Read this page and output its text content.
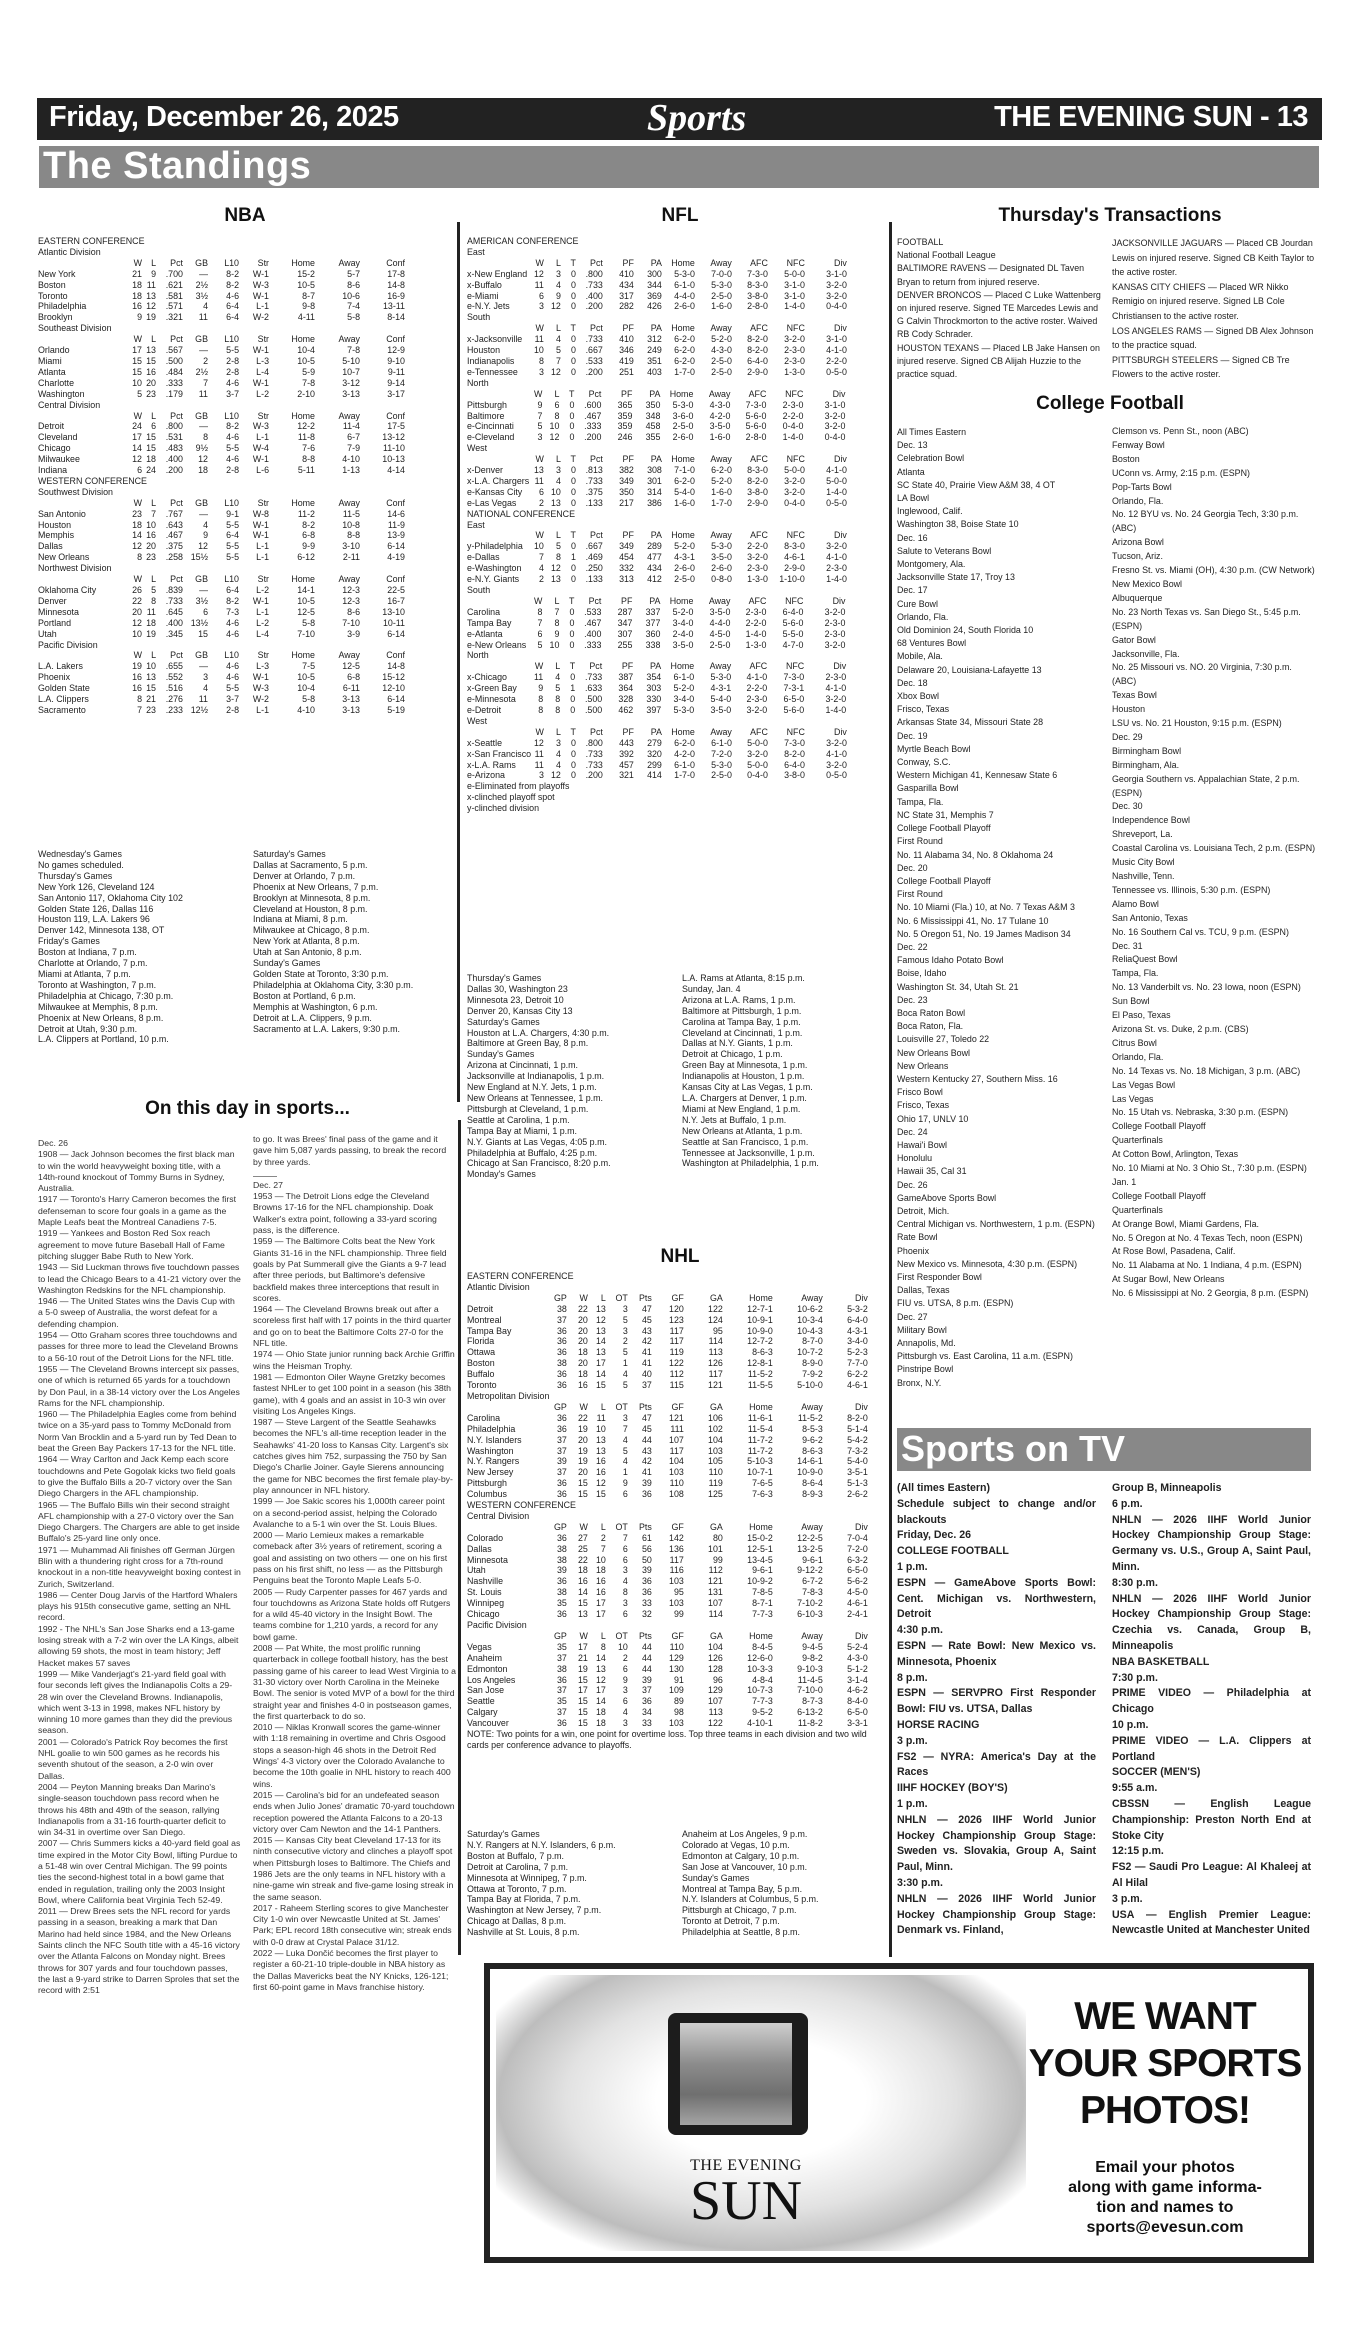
Friday, December 26, 2025	Sports	THE EVENING SUN - 13
The Standings
NBA
EASTERN CONFERENCE
Atlantic Division
	W	L	Pct	GB	L10	Str	Home	Away	Conf
New York	21	9	.700	—	8-2	W-1	15-2	5-7	17-8
Boston	18	11	.621	2½	8-2	W-3	10-5	8-6	14-8
Toronto	18	13	.581	3½	4-6	W-1	8-7	10-6	16-9
Philadelphia	16	12	.571	4	6-4	L-1	9-8	7-4	13-11
Brooklyn	9	19	.321	11	6-4	W-2	4-11	5-8	8-14
Southeast Division
	W	L	Pct	GB	L10	Str	Home	Away	Conf
Orlando	17	13	.567	—	5-5	W-1	10-4	7-8	12-9
Miami	15	15	.500	2	2-8	L-3	10-5	5-10	9-10
Atlanta	15	16	.484	2½	2-8	L-4	5-9	10-7	9-11
Charlotte	10	20	.333	7	4-6	W-1	7-8	3-12	9-14
Washington	5	23	.179	11	3-7	L-2	2-10	3-13	3-17
Central Division
	W	L	Pct	GB	L10	Str	Home	Away	Conf
Detroit	24	6	.800	—	8-2	W-3	12-2	11-4	17-5
Cleveland	17	15	.531	8	4-6	L-1	11-8	6-7	13-12
Chicago	14	15	.483	9½	5-5	W-4	7-6	7-9	11-10
Milwaukee	12	18	.400	12	4-6	W-1	8-8	4-10	10-13
Indiana	6	24	.200	18	2-8	L-6	5-11	1-13	4-14
WESTERN CONFERENCE
Southwest Division
	W	L	Pct	GB	L10	Str	Home	Away	Conf
San Antonio	23	7	.767	—	9-1	W-8	11-2	11-5	14-6
Houston	18	10	.643	4	5-5	W-1	8-2	10-8	11-9
Memphis	14	16	.467	9	6-4	W-1	6-8	8-8	13-9
Dallas	12	20	.375	12	5-5	L-1	9-9	3-10	6-14
New Orleans	8	23	.258	15½	5-5	L-1	6-12	2-11	4-19
Northwest Division
	W	L	Pct	GB	L10	Str	Home	Away	Conf
Oklahoma City	26	5	.839	—	6-4	L-2	14-1	12-3	22-5
Denver	22	8	.733	3½	8-2	W-1	10-5	12-3	16-7
Minnesota	20	11	.645	6	7-3	L-1	12-5	8-6	13-10
Portland	12	18	.400	13½	4-6	L-2	5-8	7-10	10-11
Utah	10	19	.345	15	4-6	L-4	7-10	3-9	6-14
Pacific Division
	W	L	Pct	GB	L10	Str	Home	Away	Conf
L.A. Lakers	19	10	.655	—	4-6	L-3	7-5	12-5	14-8
Phoenix	16	13	.552	3	4-6	W-1	10-5	6-8	15-12
Golden State	16	15	.516	4	5-5	W-3	10-4	6-11	12-10
L.A. Clippers	8	21	.276	11	3-7	W-2	5-8	3-13	6-14
Sacramento	7	23	.233	12½	2-8	L-1	4-10	3-13	5-19
Wednesday's Games
No games scheduled.
Thursday's Games
New York 126, Cleveland 124
San Antonio 117, Oklahoma City 102
Golden State 126, Dallas 116
Houston 119, L.A. Lakers 96
Denver 142, Minnesota 138, OT
Friday's Games
Boston at Indiana, 7 p.m.
Charlotte at Orlando, 7 p.m.
Miami at Atlanta, 7 p.m.
Toronto at Washington, 7 p.m.
Philadelphia at Chicago, 7:30 p.m.
Milwaukee at Memphis, 8 p.m.
Phoenix at New Orleans, 8 p.m.
Detroit at Utah, 9:30 p.m.
L.A. Clippers at Portland, 10 p.m.
Saturday's Games
Dallas at Sacramento, 5 p.m.
Denver at Orlando, 7 p.m.
Phoenix at New Orleans, 7 p.m.
Brooklyn at Minnesota, 8 p.m.
Cleveland at Houston, 8 p.m.
Indiana at Miami, 8 p.m.
Milwaukee at Chicago, 8 p.m.
New York at Atlanta, 8 p.m.
Utah at San Antonio, 8 p.m.
Sunday's Games
Golden State at Toronto, 3:30 p.m.
Philadelphia at Oklahoma City, 3:30 p.m.
Boston at Portland, 6 p.m.
Memphis at Washington, 6 p.m.
Detroit at L.A. Clippers, 9 p.m.
Sacramento at L.A. Lakers, 9:30 p.m.
On this day in sports...
Dec. 26
1908 — Jack Johnson becomes the first black man to win the world heavyweight boxing title, with a 14th-round knockout of Tommy Burns in Sydney, Australia.
1917 — Toronto's Harry Cameron becomes the first defenseman to score four goals in a game as the Maple Leafs beat the Montreal Canadiens 7-5.
1919 — Yankees and Boston Red Sox reach agreement to move future Baseball Hall of Fame pitching slugger Babe Ruth to New York.
1943 — Sid Luckman throws five touchdown passes to lead the Chicago Bears to a 41-21 victory over the Washington Redskins for the NFL championship.
1946 — The United States wins the Davis Cup with a 5-0 sweep of Australia, the worst defeat for a defending champion.
1954 — Otto Graham scores three touchdowns and passes for three more to lead the Cleveland Browns to a 56-10 rout of the Detroit Lions for the NFL title.
1955 — The Cleveland Browns intercept six passes, one of which is returned 65 yards for a touchdown by Don Paul, in a 38-14 victory over the Los Angeles Rams for the NFL championship.
1960 — The Philadelphia Eagles come from behind twice on a 35-yard pass to Tommy McDonald from Norm Van Brocklin and a 5-yard run by Ted Dean to beat the Green Bay Packers 17-13 for the NFL title.
1964 — Wray Carlton and Jack Kemp each score touchdowns and Pete Gogolak kicks two field goals to give the Buffalo Bills a 20-7 victory over the San Diego Chargers in the AFL championship.
1965 — The Buffalo Bills win their second straight AFL championship with a 27-0 victory over the San Diego Chargers. The Chargers are able to get inside Buffalo's 25-yard line only once.
1971 — Muhammad Ali finishes off German Jürgen Blin with a thundering right cross for a 7th-round knockout in a non-title heavyweight boxing contest in Zurich, Switzerland.
1986 — Center Doug Jarvis of the Hartford Whalers plays his 915th consecutive game, setting an NHL record.
1992 - The NHL's San Jose Sharks end a 13-game losing streak with a 7-2 win over the LA Kings, albeit allowing 59 shots, the most in team history; Jeff Hacket makes 57 saves
1999 — Mike Vanderjagt's 21-yard field goal with four seconds left gives the Indianapolis Colts a 29-28 win over the Cleveland Browns. Indianapolis, which went 3-13 in 1998, makes NFL history by winning 10 more games than they did the previous season.
2001 — Colorado's Patrick Roy becomes the first NHL goalie to win 500 games as he records his seventh shutout of the season, a 2-0 win over Dallas.
2004 — Peyton Manning breaks Dan Marino's single-season touchdown pass record when he throws his 48th and 49th of the season, rallying Indianapolis from a 31-16 fourth-quarter deficit to win 34-31 in overtime over San Diego.
2007 — Chris Summers kicks a 40-yard field goal as time expired in the Motor City Bowl, lifting Purdue to a 51-48 win over Central Michigan. The 99 points ties the second-highest total in a bowl game that ended in regulation, trailing only the 2003 Insight Bowl, where California beat Virginia Tech 52-49.
2011 — Drew Brees sets the NFL record for yards passing in a season, breaking a mark that Dan Marino had held since 1984, and the New Orleans Saints clinch the NFC South title with a 45-16 victory over the Atlanta Falcons on Monday night. Brees throws for 307 yards and four touchdown passes, the last a 9-yard strike to Darren Sproles that set the record with 2:51
to go. It was Brees' final pass of the game and it gave him 5,087 yards passing, to break the record by three yards.
Dec. 27
1953 — The Detroit Lions edge the Cleveland Browns 17-16 for the NFL championship. Doak Walker's extra point, following a 33-yard scoring pass, is the difference.
1959 — The Baltimore Colts beat the New York Giants 31-16 in the NFL championship. Three field goals by Pat Summerall give the Giants a 9-7 lead after three periods, but Baltimore's defensive backfield makes three interceptions that result in scores.
1964 — The Cleveland Browns break out after a scoreless first half with 17 points in the third quarter and go on to beat the Baltimore Colts 27-0 for the NFL title.
1974 — Ohio State junior running back Archie Griffin wins the Heisman Trophy.
1981 — Edmonton Oiler Wayne Gretzky becomes fastest NHLer to get 100 point in a season (his 38th game), with 4 goals and an assist in 10-3 win over visiting Los Angeles Kings.
1987 — Steve Largent of the Seattle Seahawks becomes the NFL's all-time reception leader in the Seahawks' 41-20 loss to Kansas City. Largent's six catches gives him 752, surpassing the 750 by San Diego's Charlie Joiner. Gayle Sierens announcing the game for NBC becomes the first female play-by-play announcer in NFL history.
1999 — Joe Sakic scores his 1,000th career point on a second-period assist, helping the Colorado Avalanche to a 5-1 win over the St. Louis Blues.
2000 — Mario Lemieux makes a remarkable comeback after 3½ years of retirement, scoring a goal and assisting on two others — one on his first pass on his first shift, no less — as the Pittsburgh Penguins beat the Toronto Maple Leafs 5-0.
2005 — Rudy Carpenter passes for 467 yards and four touchdowns as Arizona State holds off Rutgers for a wild 45-40 victory in the Insight Bowl. The teams combine for 1,210 yards, a record for any bowl game.
2008 — Pat White, the most prolific running quarterback in college football history, has the best passing game of his career to lead West Virginia to a 31-30 victory over North Carolina in the Meineke Bowl. The senior is voted MVP of a bowl for the third straight year and finishes 4-0 in postseason games, the first quarterback to do so.
2010 — Niklas Kronwall scores the game-winner with 1:18 remaining in overtime and Chris Osgood stops a season-high 46 shots in the Detroit Red Wings' 4-3 victory over the Colorado Avalanche to become the 10th goalie in NHL history to reach 400 wins.
2015 — Carolina's bid for an undefeated season ends when Julio Jones' dramatic 70-yard touchdown reception powered the Atlanta Falcons to a 20-13 victory over Cam Newton and the 14-1 Panthers.
2015 — Kansas City beat Cleveland 17-13 for its ninth consecutive victory and clinches a playoff spot when Pittsburgh loses to Baltimore. The Chiefs and 1986 Jets are the only teams in NFL history with a nine-game win streak and five-game losing streak in the same season.
2017 - Raheem Sterling scores to give Manchester City 1-0 win over Newcastle United at St. James' Park; EPL record 18th consecutive win; streak ends with 0-0 draw at Crystal Palace 31/12.
2022 — Luka Dončić becomes the first player to register a 60-21-10 triple-double in NBA history as the Dallas Mavericks beat the NY Knicks, 126-121; first 60-point game in Mavs franchise history.
NFL
AMERICAN CONFERENCE
East
	W	L	T	Pct	PF	PA	Home	Away	AFC	NFC	Div
x-New England	12	3	0	.800	410	300	5-3-0	7-0-0	7-3-0	5-0-0	3-1-0
x-Buffalo	11	4	0	.733	434	344	6-1-0	5-3-0	8-3-0	3-1-0	3-2-0
e-Miami	6	9	0	.400	317	369	4-4-0	2-5-0	3-8-0	3-1-0	3-2-0
e-N.Y. Jets	3	12	0	.200	282	426	2-6-0	1-6-0	2-8-0	1-4-0	0-4-0
South
	W	L	T	Pct	PF	PA	Home	Away	AFC	NFC	Div
x-Jacksonville	11	4	0	.733	410	312	6-2-0	5-2-0	8-2-0	3-2-0	3-1-0
Houston	10	5	0	.667	346	249	6-2-0	4-3-0	8-2-0	2-3-0	4-1-0
Indianapolis	8	7	0	.533	419	351	6-2-0	2-5-0	6-4-0	2-3-0	2-2-0
e-Tennessee	3	12	0	.200	251	403	1-7-0	2-5-0	2-9-0	1-3-0	0-5-0
North
	W	L	T	Pct	PF	PA	Home	Away	AFC	NFC	Div
Pittsburgh	9	6	0	.600	365	350	5-3-0	4-3-0	7-3-0	2-3-0	3-1-0
Baltimore	7	8	0	.467	359	348	3-6-0	4-2-0	5-6-0	2-2-0	3-2-0
e-Cincinnati	5	10	0	.333	359	458	2-5-0	3-5-0	5-6-0	0-4-0	3-2-0
e-Cleveland	3	12	0	.200	246	355	2-6-0	1-6-0	2-8-0	1-4-0	0-4-0
West
	W	L	T	Pct	PF	PA	Home	Away	AFC	NFC	Div
x-Denver	13	3	0	.813	382	308	7-1-0	6-2-0	8-3-0	5-0-0	4-1-0
x-L.A. Chargers	11	4	0	.733	349	301	6-2-0	5-2-0	8-2-0	3-2-0	5-0-0
e-Kansas City	6	10	0	.375	350	314	5-4-0	1-6-0	3-8-0	3-2-0	1-4-0
e-Las Vegas	2	13	0	.133	217	386	1-6-0	1-7-0	2-9-0	0-4-0	0-5-0
NATIONAL CONFERENCE
East
	W	L	T	Pct	PF	PA	Home	Away	AFC	NFC	Div
y-Philadelphia	10	5	0	.667	349	289	5-2-0	5-3-0	2-2-0	8-3-0	3-2-0
e-Dallas	7	8	1	.469	454	477	4-3-1	3-5-0	3-2-0	4-6-1	4-1-0
e-Washington	4	12	0	.250	332	434	2-6-0	2-6-0	2-3-0	2-9-0	2-3-0
e-N.Y. Giants	2	13	0	.133	313	412	2-5-0	0-8-0	1-3-0	1-10-0	1-4-0
South
	W	L	T	Pct	PF	PA	Home	Away	AFC	NFC	Div
Carolina	8	7	0	.533	287	337	5-2-0	3-5-0	2-3-0	6-4-0	3-2-0
Tampa Bay	7	8	0	.467	347	377	3-4-0	4-4-0	2-2-0	5-6-0	2-3-0
e-Atlanta	6	9	0	.400	307	360	2-4-0	4-5-0	1-4-0	5-5-0	2-3-0
e-New Orleans	5	10	0	.333	255	338	3-5-0	2-5-0	1-3-0	4-7-0	3-2-0
North
	W	L	T	Pct	PF	PA	Home	Away	AFC	NFC	Div
x-Chicago	11	4	0	.733	387	354	6-1-0	5-3-0	4-1-0	7-3-0	2-3-0
x-Green Bay	9	5	1	.633	364	303	5-2-0	4-3-1	2-2-0	7-3-1	4-1-0
e-Minnesota	8	8	0	.500	328	330	3-4-0	5-4-0	2-3-0	6-5-0	3-2-0
e-Detroit	8	8	0	.500	462	397	5-3-0	3-5-0	3-2-0	5-6-0	1-4-0
West
	W	L	T	Pct	PF	PA	Home	Away	AFC	NFC	Div
x-Seattle	12	3	0	.800	443	279	6-2-0	6-1-0	5-0-0	7-3-0	3-2-0
x-San Francisco	11	4	0	.733	392	320	4-2-0	7-2-0	3-2-0	8-2-0	4-1-0
x-L.A. Rams	11	4	0	.733	457	299	6-1-0	5-3-0	5-0-0	6-4-0	3-2-0
e-Arizona	3	12	0	.200	321	414	1-7-0	2-5-0	0-4-0	3-8-0	0-5-0
e-Eliminated from playoffs
x-clinched playoff spot
y-clinched division
Thursday's Games
Dallas 30, Washington 23
Minnesota 23, Detroit 10
Denver 20, Kansas City 13
Saturday's Games
Houston at L.A. Chargers, 4:30 p.m.
Baltimore at Green Bay, 8 p.m.
Sunday's Games
Arizona at Cincinnati, 1 p.m.
Jacksonville at Indianapolis, 1 p.m.
New England at N.Y. Jets, 1 p.m.
New Orleans at Tennessee, 1 p.m.
Pittsburgh at Cleveland, 1 p.m.
Seattle at Carolina, 1 p.m.
Tampa Bay at Miami, 1 p.m.
N.Y. Giants at Las Vegas, 4:05 p.m.
Philadelphia at Buffalo, 4:25 p.m.
Chicago at San Francisco, 8:20 p.m.
Monday's Games
L.A. Rams at Atlanta, 8:15 p.m.
Sunday, Jan. 4
Arizona at L.A. Rams, 1 p.m.
Baltimore at Pittsburgh, 1 p.m.
Carolina at Tampa Bay, 1 p.m.
Cleveland at Cincinnati, 1 p.m.
Dallas at N.Y. Giants, 1 p.m.
Detroit at Chicago, 1 p.m.
Green Bay at Minnesota, 1 p.m.
Indianapolis at Houston, 1 p.m.
Kansas City at Las Vegas, 1 p.m.
L.A. Chargers at Denver, 1 p.m.
Miami at New England, 1 p.m.
N.Y. Jets at Buffalo, 1 p.m.
New Orleans at Atlanta, 1 p.m.
Seattle at San Francisco, 1 p.m.
Tennessee at Jacksonville, 1 p.m.
Washington at Philadelphia, 1 p.m.
NHL
EASTERN CONFERENCE
Atlantic Division
	GP	W	L	OT	Pts	GF	GA	Home	Away	Div
Detroit	38	22	13	3	47	120	122	12-7-1	10-6-2	5-3-2
Montreal	37	20	12	5	45	123	124	10-9-1	10-3-4	6-4-0
Tampa Bay	36	20	13	3	43	117	95	10-9-0	10-4-3	4-3-1
Florida	36	20	14	2	42	117	114	12-7-2	8-7-0	3-4-0
Ottawa	36	18	13	5	41	119	113	8-6-3	10-7-2	5-2-3
Boston	38	20	17	1	41	122	126	12-8-1	8-9-0	7-7-0
Buffalo	36	18	14	4	40	112	117	11-5-2	7-9-2	6-2-2
Toronto	36	16	15	5	37	115	121	11-5-5	5-10-0	4-6-1
Metropolitan Division
	GP	W	L	OT	Pts	GF	GA	Home	Away	Div
Carolina	36	22	11	3	47	121	106	11-6-1	11-5-2	8-2-0
Philadelphia	36	19	10	7	45	111	102	11-5-4	8-5-3	5-1-4
N.Y. Islanders	37	20	13	4	44	107	104	11-7-2	9-6-2	5-4-2
Washington	37	19	13	5	43	117	103	11-7-2	8-6-3	7-3-2
N.Y. Rangers	39	19	16	4	42	104	105	5-10-3	14-6-1	5-4-0
New Jersey	37	20	16	1	41	103	110	10-7-1	10-9-0	3-5-1
Pittsburgh	36	15	12	9	39	110	119	7-6-5	8-6-4	5-1-3
Columbus	36	15	15	6	36	108	125	7-6-3	8-9-3	2-6-2
WESTERN CONFERENCE
Central Division
	GP	W	L	OT	Pts	GF	GA	Home	Away	Div
Colorado	36	27	2	7	61	142	80	15-0-2	12-2-5	7-0-4
Dallas	38	25	7	6	56	136	101	12-5-1	13-2-5	7-2-0
Minnesota	38	22	10	6	50	117	99	13-4-5	9-6-1	6-3-2
Utah	39	18	18	3	39	116	112	9-6-1	9-12-2	6-5-0
Nashville	36	16	16	4	36	103	121	10-9-2	6-7-2	5-6-2
St. Louis	38	14	16	8	36	95	131	7-8-5	7-8-3	4-5-0
Winnipeg	35	15	17	3	33	103	107	8-7-1	7-10-2	4-6-1
Chicago	36	13	17	6	32	99	114	7-7-3	6-10-3	2-4-1
Pacific Division
	GP	W	L	OT	Pts	GF	GA	Home	Away	Div
Vegas	35	17	8	10	44	110	104	8-4-5	9-4-5	5-2-4
Anaheim	37	21	14	2	44	129	126	12-6-0	9-8-2	4-3-0
Edmonton	38	19	13	6	44	130	128	10-3-3	9-10-3	5-1-2
Los Angeles	36	15	12	9	39	91	96	4-8-4	11-4-5	3-1-4
San Jose	37	17	17	3	37	109	129	10-7-3	7-10-0	4-6-2
Seattle	35	15	14	6	36	89	107	7-7-3	8-7-3	8-4-0
Calgary	37	15	18	4	34	98	113	9-5-2	6-13-2	6-5-0
Vancouver	36	15	18	3	33	103	122	4-10-1	11-8-2	3-3-1
NOTE: Two points for a win, one point for overtime loss. Top three teams in each division and two wild cards per conference advance to playoffs.
Saturday's Games
N.Y. Rangers at N.Y. Islanders, 6 p.m.
Boston at Buffalo, 7 p.m.
Detroit at Carolina, 7 p.m.
Minnesota at Winnipeg, 7 p.m.
Ottawa at Toronto, 7 p.m.
Tampa Bay at Florida, 7 p.m.
Washington at New Jersey, 7 p.m.
Chicago at Dallas, 8 p.m.
Nashville at St. Louis, 8 p.m.
Anaheim at Los Angeles, 9 p.m.
Colorado at Vegas, 10 p.m.
Edmonton at Calgary, 10 p.m.
San Jose at Vancouver, 10 p.m.
Sunday's Games
Montreal at Tampa Bay, 5 p.m.
N.Y. Islanders at Columbus, 5 p.m.
Pittsburgh at Chicago, 7 p.m.
Toronto at Detroit, 7 p.m.
Philadelphia at Seattle, 8 p.m.
Thursday's Transactions
FOOTBALL
National Football League
BALTIMORE RAVENS — Designated DL Taven Bryan to return from injured reserve.
DENVER BRONCOS — Placed C Luke Wattenberg on injured reserve. Signed TE Marcedes Lewis and G Calvin Throckmorton to the active roster. Waived RB Cody Schrader.
HOUSTON TEXANS — Placed LB Jake Hansen on injured reserve. Signed CB Alijah Huzzie to the practice squad.
JACKSONVILLE JAGUARS — Placed CB Jourdan Lewis on injured reserve. Signed CB Keith Taylor to the active roster.
KANSAS CITY CHIEFS — Placed WR Nikko Remigio on injured reserve. Signed LB Cole Christiansen to the active roster.
LOS ANGELES RAMS — Signed DB Alex Johnson to the practice squad.
PITTSBURGH STEELERS — Signed CB Tre Flowers to the active roster.
College Football
All Times Eastern
Dec. 13
Celebration Bowl
Atlanta
SC State 40, Prairie View A&M 38, 4 OT
LA Bowl
Inglewood, Calif.
Washington 38, Boise State 10
Dec. 16
Salute to Veterans Bowl
Montgomery, Ala.
Jacksonville State 17, Troy 13
Dec. 17
Cure Bowl
Orlando, Fla.
Old Dominion 24, South Florida 10
68 Ventures Bowl
Mobile, Ala.
Delaware 20, Louisiana-Lafayette 13
Dec. 18
Xbox Bowl
Frisco, Texas
Arkansas State 34, Missouri State 28
Dec. 19
Myrtle Beach Bowl
Conway, S.C.
Western Michigan 41, Kennesaw State 6
Gasparilla Bowl
Tampa, Fla.
NC State 31, Memphis 7
College Football Playoff
First Round
No. 11 Alabama 34, No. 8 Oklahoma 24
Dec. 20
College Football Playoff
First Round
No. 10 Miami (Fla.) 10, at No. 7 Texas A&M 3
No. 6 Mississippi 41, No. 17 Tulane 10
No. 5 Oregon 51, No. 19 James Madison 34
Dec. 22
Famous Idaho Potato Bowl
Boise, Idaho
Washington St. 34, Utah St. 21
Dec. 23
Boca Raton Bowl
Boca Raton, Fla.
Louisville 27, Toledo 22
New Orleans Bowl
New Orleans
Western Kentucky 27, Southern Miss. 16
Frisco Bowl
Frisco, Texas
Ohio 17, UNLV 10
Dec. 24
Hawai'i Bowl
Honolulu
Hawaii 35, Cal 31
Dec. 26
GameAbove Sports Bowl
Detroit, Mich.
Central Michigan vs. Northwestern, 1 p.m. (ESPN)
Rate Bowl
Phoenix
New Mexico vs. Minnesota, 4:30 p.m. (ESPN)
First Responder Bowl
Dallas, Texas
FIU vs. UTSA, 8 p.m. (ESPN)
Dec. 27
Military Bowl
Annapolis, Md.
Pittsburgh vs. East Carolina, 11 a.m. (ESPN)
Pinstripe Bowl
Bronx, N.Y.
Clemson vs. Penn St., noon (ABC)
Fenway Bowl
Boston
UConn vs. Army, 2:15 p.m. (ESPN)
Pop-Tarts Bowl
Orlando, Fla.
No. 12 BYU vs. No. 24 Georgia Tech, 3:30 p.m. (ABC)
Arizona Bowl
Tucson, Ariz.
Fresno St. vs. Miami (OH), 4:30 p.m. (CW Network)
New Mexico Bowl
Albuquerque
No. 23 North Texas vs. San Diego St., 5:45 p.m. (ESPN)
Gator Bowl
Jacksonville, Fla.
No. 25 Missouri vs. NO. 20 Virginia, 7:30 p.m. (ABC)
Texas Bowl
Houston
LSU vs. No. 21 Houston, 9:15 p.m. (ESPN)
Dec. 29
Birmingham Bowl
Birmingham, Ala.
Georgia Southern vs. Appalachian State, 2 p.m. (ESPN)
Dec. 30
Independence Bowl
Shreveport, La.
Coastal Carolina vs. Louisiana Tech, 2 p.m. (ESPN)
Music City Bowl
Nashville, Tenn.
Tennessee vs. Illinois, 5:30 p.m. (ESPN)
Alamo Bowl
San Antonio, Texas
No. 16 Southern Cal vs. TCU, 9 p.m. (ESPN)
Dec. 31
ReliaQuest Bowl
Tampa, Fla.
No. 13 Vanderbilt vs. No. 23 Iowa, noon (ESPN)
Sun Bowl
El Paso, Texas
Arizona St. vs. Duke, 2 p.m. (CBS)
Citrus Bowl
Orlando, Fla.
No. 14 Texas vs. No. 18 Michigan, 3 p.m. (ABC)
Las Vegas Bowl
Las Vegas
No. 15 Utah vs. Nebraska, 3:30 p.m. (ESPN)
College Football Playoff
Quarterfinals
At Cotton Bowl, Arlington, Texas
No. 10 Miami at No. 3 Ohio St., 7:30 p.m. (ESPN)
Jan. 1
College Football Playoff
Quarterfinals
At Orange Bowl, Miami Gardens, Fla.
No. 5 Oregon at No. 4 Texas Tech, noon (ESPN)
At Rose Bowl, Pasadena, Calif.
No. 11 Alabama at No. 1 Indiana, 4 p.m. (ESPN)
At Sugar Bowl, New Orleans
No. 6 Mississippi at No. 2 Georgia, 8 p.m. (ESPN)
Sports on TV
(All times Eastern)
Schedule subject to change and/or blackouts
Friday, Dec. 26
COLLEGE FOOTBALL
1 p.m.
ESPN — GameAbove Sports Bowl: Cent. Michigan vs. Northwestern, Detroit
4:30 p.m.
ESPN — Rate Bowl: New Mexico vs. Minnesota, Phoenix
8 p.m.
ESPN — SERVPRO First Responder Bowl: FIU vs. UTSA, Dallas
HORSE RACING
3 p.m.
FS2 — NYRA: America's Day at the Races
IIHF HOCKEY (BOY'S)
1 p.m.
NHLN — 2026 IIHF World Junior Hockey Championship Group Stage: Sweden vs. Slovakia, Group A, Saint Paul, Minn.
3:30 p.m.
NHLN — 2026 IIHF World Junior Hockey Championship Group Stage: Denmark vs. Finland,
Group B, Minneapolis
6 p.m.
NHLN — 2026 IIHF World Junior Hockey Championship Group Stage: Germany vs. U.S., Group A, Saint Paul, Minn.
8:30 p.m.
NHLN — 2026 IIHF World Junior Hockey Championship Group Stage: Czechia vs. Canada, Group B, Minneapolis
NBA BASKETBALL
7:30 p.m.
PRIME VIDEO — Philadelphia at Chicago
10 p.m.
PRIME VIDEO — L.A. Clippers at Portland
SOCCER (MEN'S)
9:55 a.m.
CBSSN — English League Championship: Preston North End at Stoke City
12:15 p.m.
FS2 — Saudi Pro League: Al Khaleej at Al Hilal
3 p.m.
USA — English Premier League: Newcastle United at Manchester United
THE EVENING
SUN
WE WANT
YOUR SPORTS
PHOTOS!
Email your photos
along with game informa-
tion and names to
sports@evesun.com
